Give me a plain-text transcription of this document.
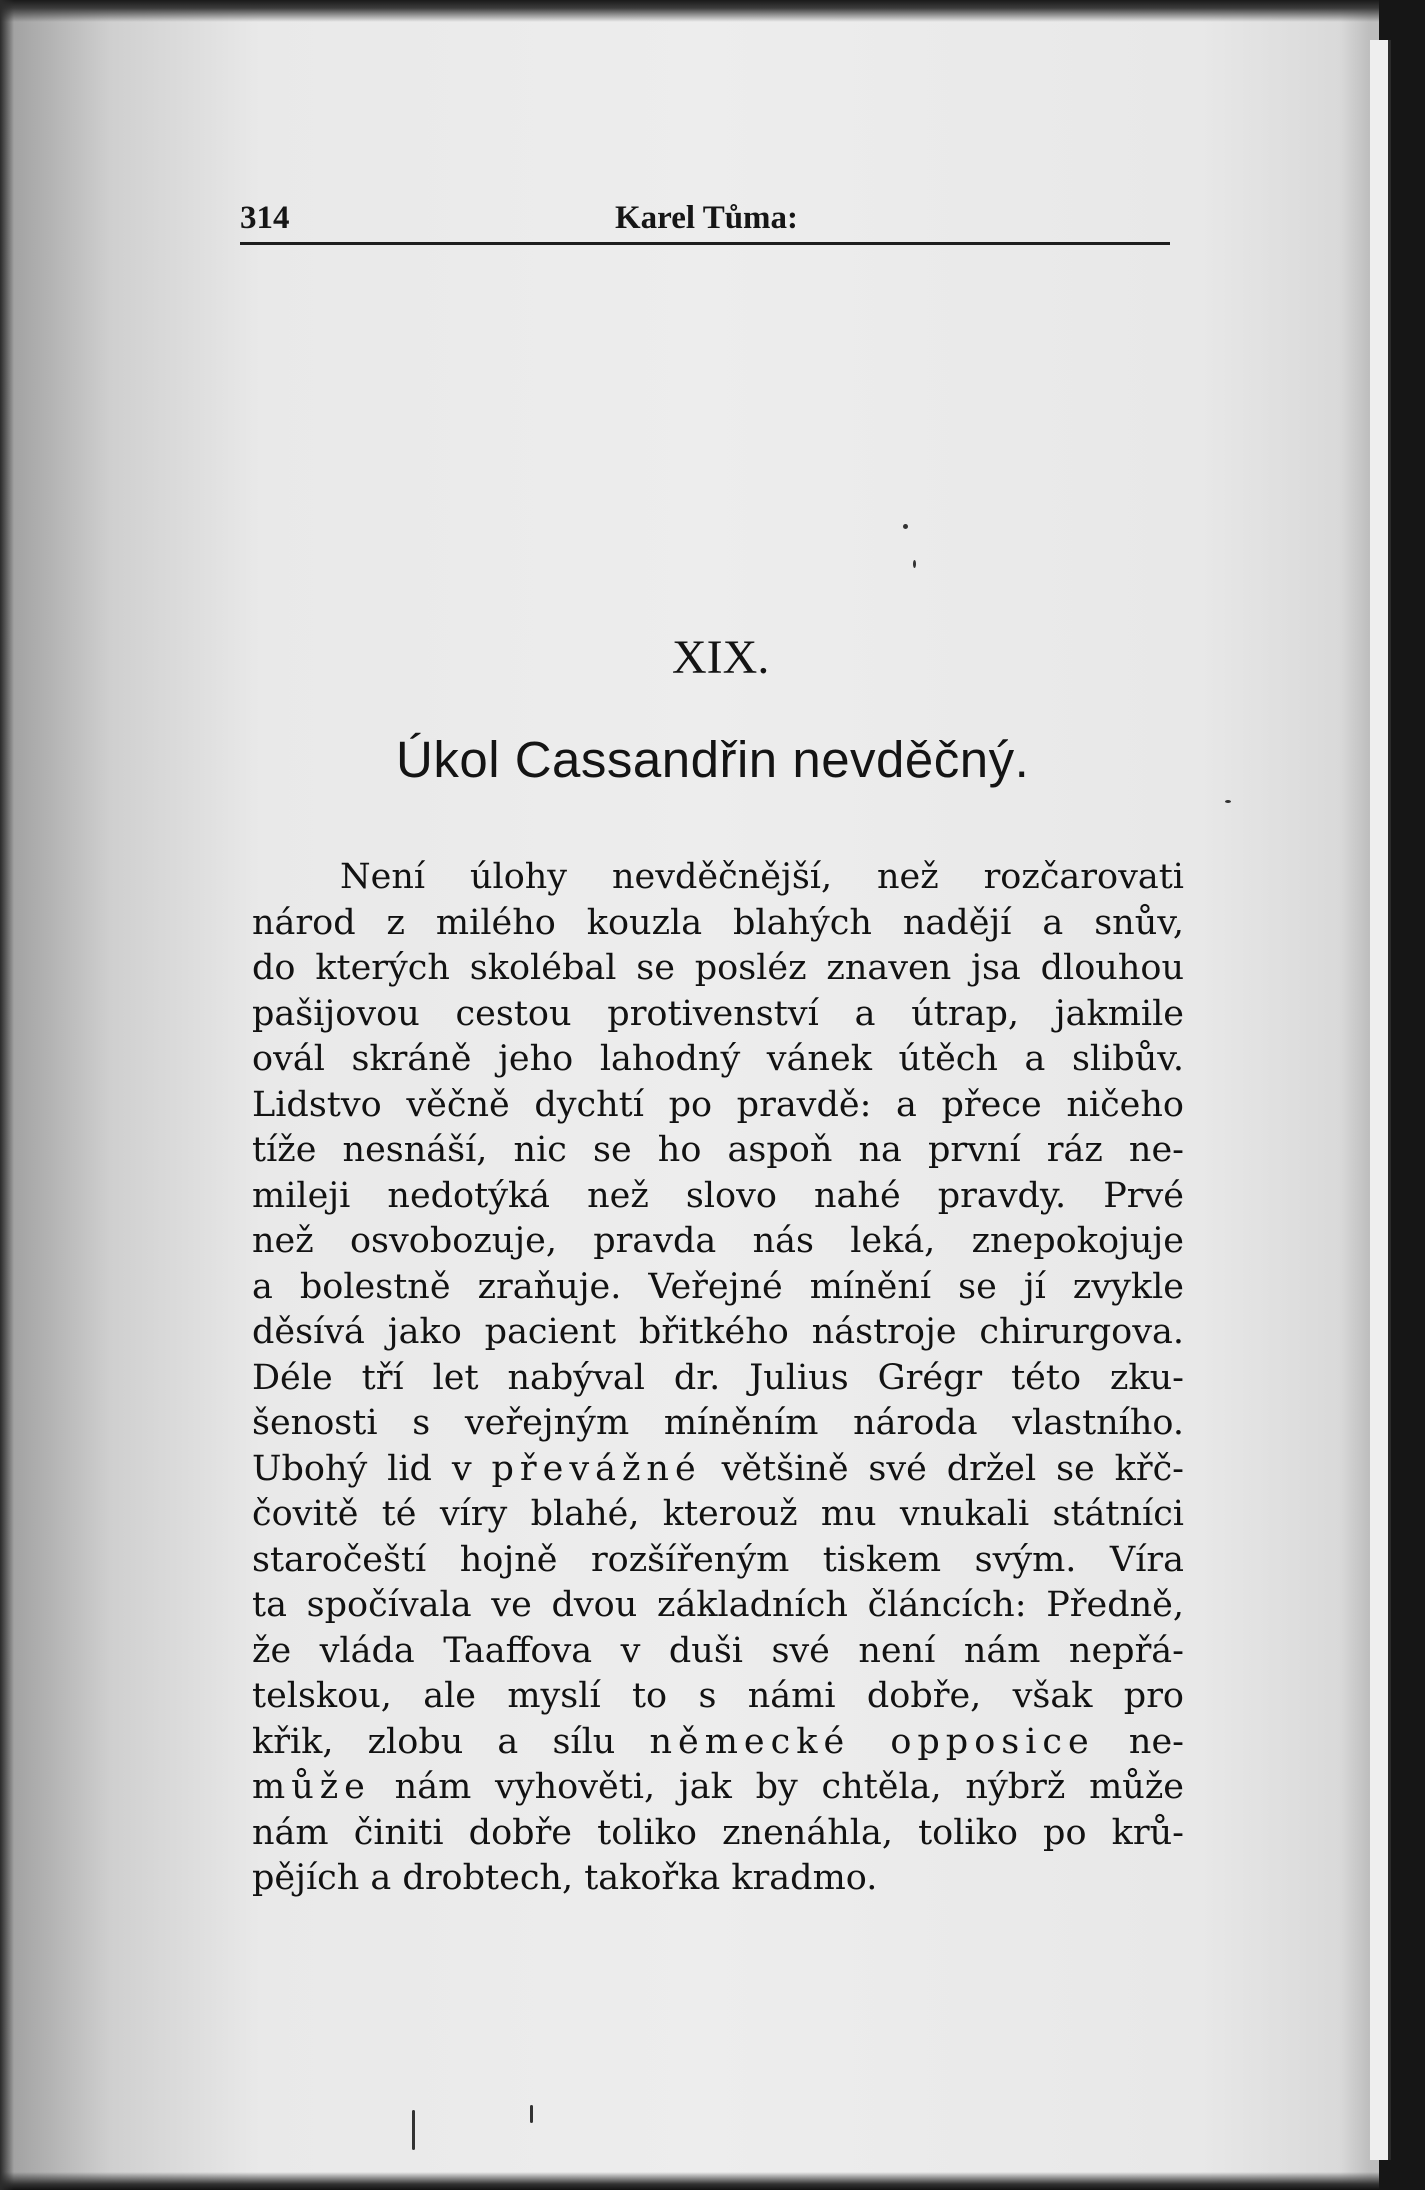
314	Karel Tůma:
XIX.
Úkol Cassandřin nevděčný.
Není úlohy nevděčnější, než rozčarovati
národ z milého kouzla blahých nadějí a snův,
do kterých skolébal se posléz znaven jsa dlouhou
pašijovou cestou protivenství a útrap, jakmile
ovál skráně jeho lahodný vánek útěch a slibův.
Lidstvo věčně dychtí po pravdě: a přece ničeho
tíže nesnáší, nic se ho aspoň na první ráz ne-
mileji nedotýká než slovo nahé pravdy. Prvé
než osvobozuje, pravda nás leká, znepokojuje
a bolestně zraňuje. Veřejné mínění se jí zvykle
děsívá jako pacient břitkého nástroje chirurgova.
Déle tří let nabýval dr. Julius Grégr této zku-
šenosti s veřejným míněním národa vlastního.
Ubohý lid v převážné většině své držel se křč-
čovitě té víry blahé, kterouž mu vnukali státníci
staročeští hojně rozšířeným tiskem svým. Víra
ta spočívala ve dvou základních článcích: Předně,
že vláda Taaffova v duši své není nám nepřá-
telskou, ale myslí to s námi dobře, však pro
křik, zlobu a sílu německé opposice ne-
může nám vyhověti, jak by chtěla, nýbrž může
nám činiti dobře toliko znenáhla, toliko po krů-
pějích a drobtech, takořka kradmo.
